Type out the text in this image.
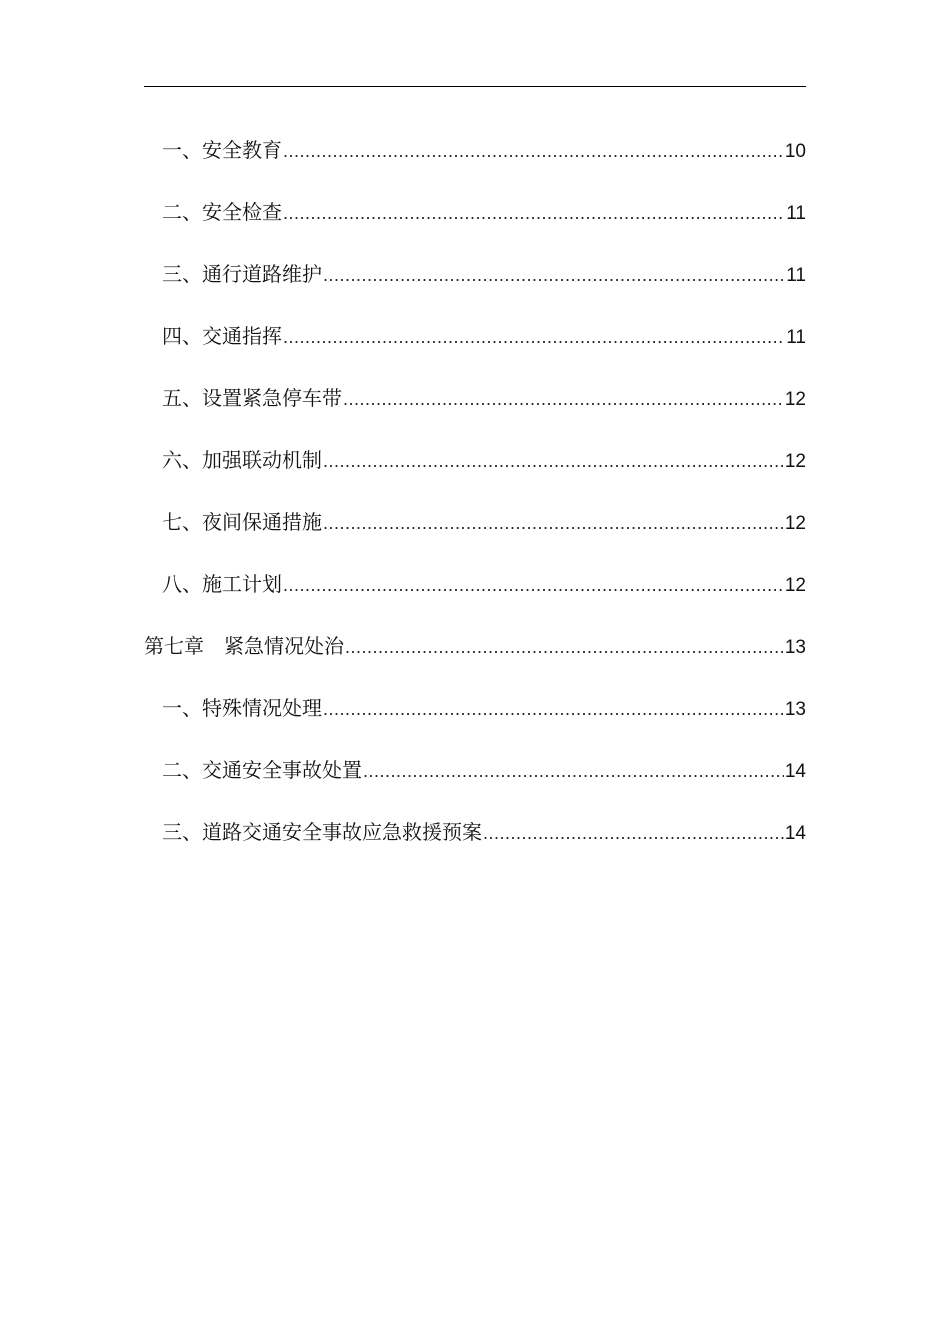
一、安全教育 .....	10
二、安全检查 .....	11
三、通行道路维护 .....	11
四、交通指挥 .....	11
五、设置紧急停车带 .....	12
六、加强联动机制 .....	12
七、夜间保通措施 .....	12
八、施工计划 .....	12
第七章　紧急情况处治 .....	13
一、特殊情况处理 .....	13
二、交通安全事故处置 .....	14
三、道路交通安全事故应急救援预案 .....	14
